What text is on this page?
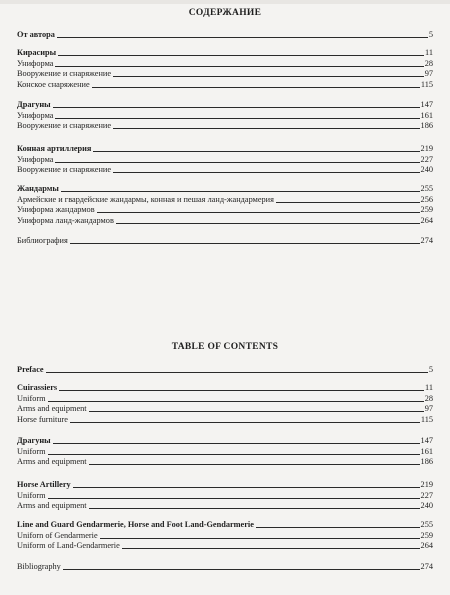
СОДЕРЖАНИЕ
От автора	5
Кирасиры	11
Униформа	28
Вооружение и снаряжение	97
Конское снаряжение	115
Драгуны	147
Униформа	161
Вооружение и снаряжение	186
Конная артиллерия	219
Униформа	227
Вооружение и снаряжение	240
Жандармы	255
Армейские и гвардейские жандармы, конная и пешая ланд-жандармерия	256
Униформа жандармов	259
Униформа ланд-жандармов	264
Библиография	274
TABLE OF CONTENTS
Preface	5
Cuirassiers	11
Uniform	28
Arms and equipment	97
Horse furniture	115
Драгуны	147
Uniform	161
Arms and equipment	186
Horse Artillery	219
Uniform	227
Arms and equipment	240
Line and Guard Gendarmerie, Horse and Foot Land-Gendarmerie	255
Uniforn of Gendarmerie	259
Uniform of Land-Gendarmerie	264
Bibliography	274
